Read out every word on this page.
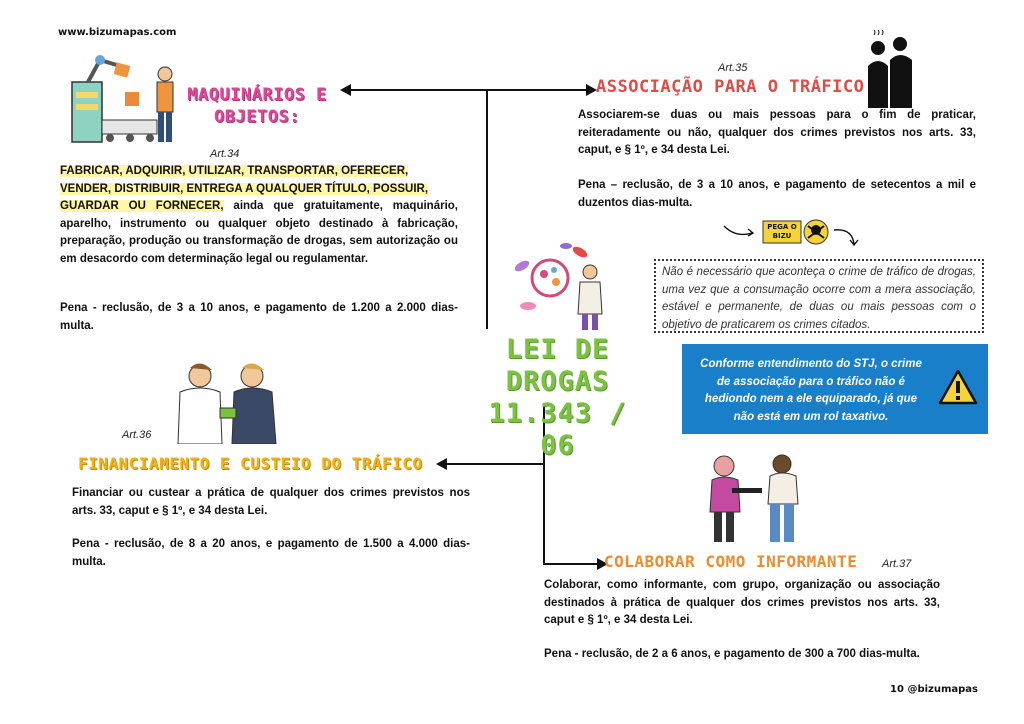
www.bizumapas.com
MAQUINÁRIOS E
OBJETOS:
Art.34
FABRICAR, ADQUIRIR, UTILIZAR, TRANSPORTAR, OFERECER,
VENDER, DISTRIBUIR, ENTREGA A QUALQUER TÍTULO, POSSUIR,
GUARDAR OU FORNECER, ainda que gratuitamente, maquinário, aparelho, instrumento ou qualquer objeto destinado à fabricação, preparação, produção ou transformação de drogas, sem autorização ou em desacordo com determinação legal ou regulamentar.
Pena - reclusão, de 3 a 10 anos, e pagamento de 1.200 a 2.000 dias-multa.
Art.35
ASSOCIAÇÃO PARA O TRÁFICO
Associarem-se duas ou mais pessoas para o fim de praticar, reiteradamente ou não, qualquer dos crimes previstos nos arts. 33, caput, e § 1º, e 34 desta Lei.
Pena – reclusão, de 3 a 10 anos, e pagamento de setecentos a mil e duzentos dias-multa.
PEGA O BIZU
Não é necessário que aconteça o crime de tráfico de drogas, uma vez que a consumação ocorre com a mera associação, estável e permanente, de duas ou mais pessoas com o objetivo de praticarem os crimes citados.
Conforme entendimento do STJ, o crime de associação para o tráfico não é hediondo nem a ele equiparado, já que não está em um rol taxativo.
LEI DE DROGAS
11.343 / 06
Art.36
FINANCIAMENTO E CUSTEIO DO TRÁFICO
Financiar ou custear a prática de qualquer dos crimes previstos nos arts. 33, caput e § 1º, e 34 desta Lei.
Pena - reclusão, de 8 a 20 anos, e pagamento de 1.500 a 4.000 dias-multa.	COLABORAR COMO INFORMANTE Art.37
Colaborar, como informante, com grupo, organização ou associação destinados à prática de qualquer dos crimes previstos nos arts. 33, caput e § 1º, e 34 desta Lei.
Pena - reclusão, de 2 a 6 anos, e pagamento de 300 a 700 dias-multa.
10 @bizumapas
